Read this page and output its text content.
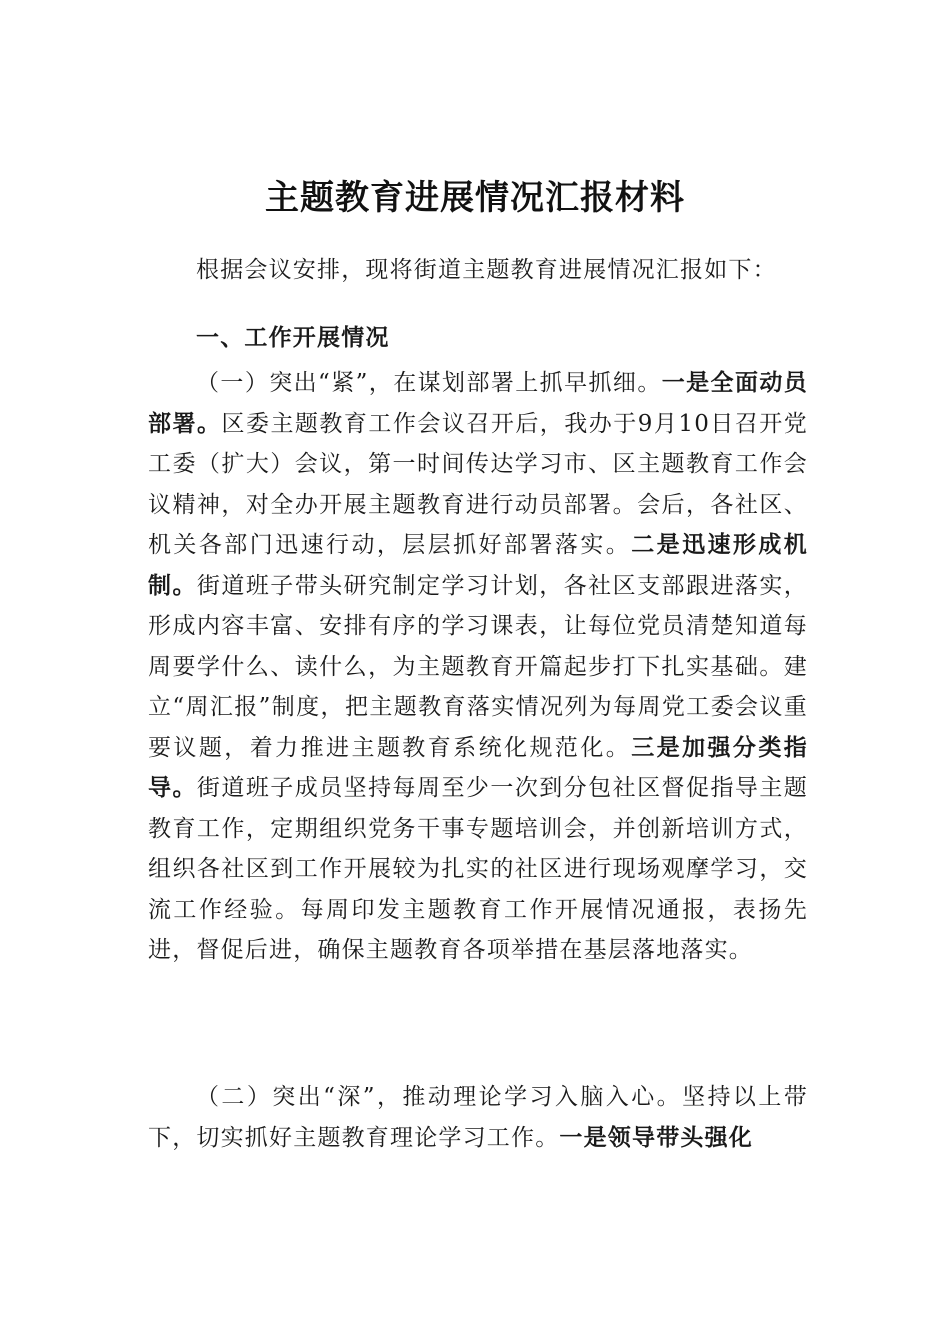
主题教育进展情况汇报材料

根据会议安排，现将街道主题教育进展情况汇报如下：

一、工作开展情况

（一）突出“紧”，在谋划部署上抓早抓细。一是全面动员部署。区委主题教育工作会议召开后，我办于9月10日召开党工委（扩大）会议，第一时间传达学习市、区主题教育工作会议精神，对全办开展主题教育进行动员部署。会后，各社区、机关各部门迅速行动，层层抓好部署落实。二是迅速形成机制。街道班子带头研究制定学习计划，各社区支部跟进落实，形成内容丰富、安排有序的学习课表，让每位党员清楚知道每周要学什么、读什么，为主题教育开篇起步打下扎实基础。建立“周汇报”制度，把主题教育落实情况列为每周党工委会议重要议题，着力推进主题教育系统化规范化。三是加强分类指导。街道班子成员坚持每周至少一次到分包社区督促指导主题教育工作，定期组织党务干事专题培训会，并创新培训方式，组织各社区到工作开展较为扎实的社区进行现场观摩学习，交流工作经验。每周印发主题教育工作开展情况通报，表扬先进，督促后进，确保主题教育各项举措在基层落地落实。

（二）突出“深”，推动理论学习入脑入心。坚持以上带下，切实抓好主题教育理论学习工作。一是领导带头强化
